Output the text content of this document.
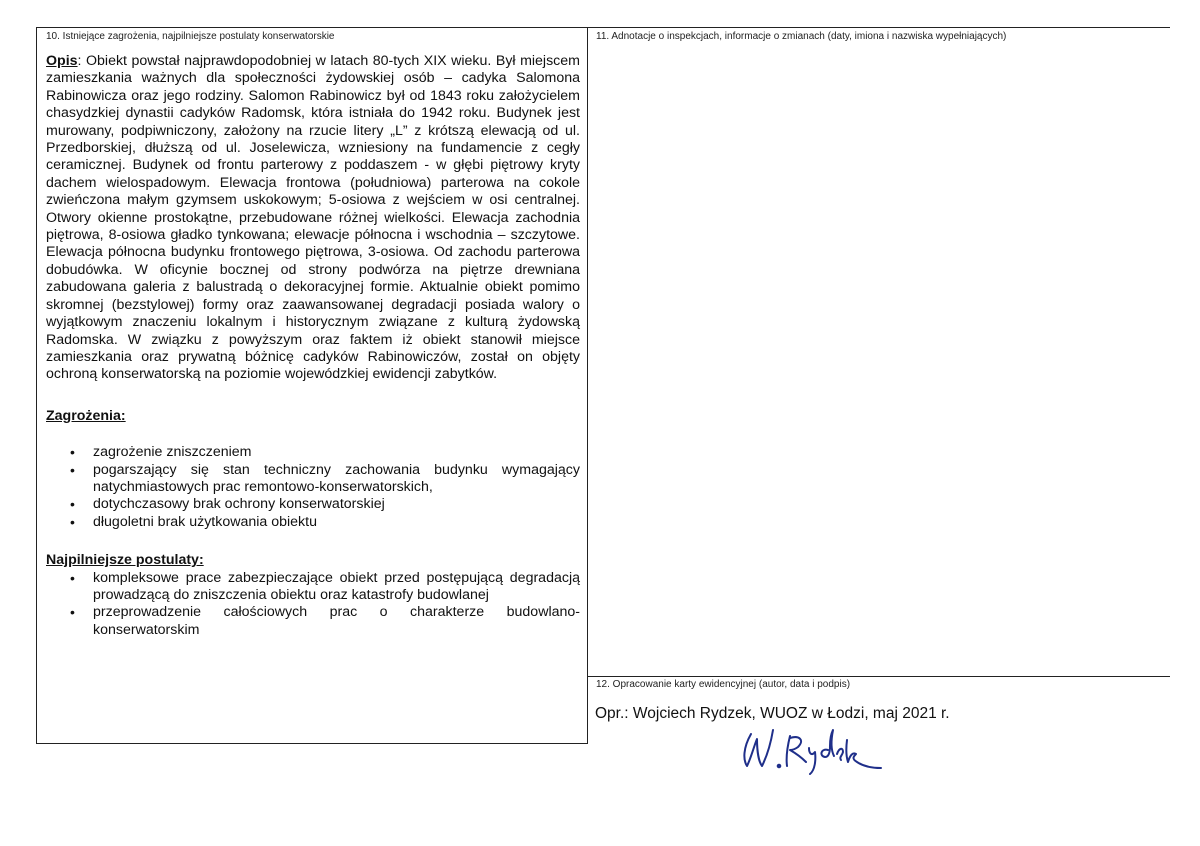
10. Istniejące zagrożenia, najpilniejsze postulaty konserwatorskie	11. Adnotacje o inspekcjach, informacje o zmianach (daty, imiona i nazwiska wypełniających)
12. Opracowanie karty ewidencyjnej (autor, data i podpis)

Opis: Obiekt powstał najprawdopodobniej w latach 80-tych XIX wieku. Był miejscem zamieszkania ważnych dla społeczności żydowskiej osób – cadyka Salomona Rabinowicza oraz jego rodziny. Salomon Rabinowicz był od 1843 roku założycielem chasydzkiej dynastii cadyków Radomsk, która istniała do 1942 roku. Budynek jest murowany, podpiwniczony, założony na rzucie litery „L” z krótszą elewacją od ul. Przedborskiej, dłuższą od ul. Joselewicza, wzniesiony na fundamencie z cegły ceramicznej. Budynek od frontu parterowy z poddaszem - w głębi piętrowy kryty dachem wielospadowym. Elewacja frontowa (południowa) parterowa na cokole zwieńczona małym gzymsem uskokowym; 5-osiowa z wejściem w osi centralnej. Otwory okienne prostokątne, przebudowane różnej wielkości. Elewacja zachodnia piętrowa, 8-osiowa gładko tynkowana; elewacje północna i wschodnia – szczytowe. Elewacja północna budynku frontowego piętrowa, 3-osiowa. Od zachodu parterowa dobudówka. W oficynie bocznej od strony podwórza na piętrze drewniana zabudowana galeria z balustradą o dekoracyjnej formie. Aktualnie obiekt pomimo skromnej (bezstylowej) formy oraz zaawansowanej degradacji posiada walory o wyjątkowym znaczeniu lokalnym i historycznym związane z kulturą żydowską Radomska. W związku z powyższym oraz faktem iż obiekt stanowił miejsce zamieszkania oraz prywatną bóżnicę cadyków Rabinowiczów, został on objęty ochroną konserwatorską na poziomie wojewódzkiej ewidencji zabytków.

Zagrożenia:

• zagrożenie zniszczeniem
• pogarszający się stan techniczny zachowania budynku wymagający natychmiastowych prac remontowo-konserwatorskich,
• dotychczasowy brak ochrony konserwatorskiej
• długoletni brak użytkowania obiektu

Najpilniejsze postulaty:

• kompleksowe prace zabezpieczające obiekt przed postępującą degradacją prowadzącą do zniszczenia obiektu oraz katastrofy budowlanej
• przeprowadzenie całościowych prac o charakterze budowlano-konserwatorskim
Opr.: Wojciech Rydzek, WUOZ w Łodzi, maj 2021 r.
